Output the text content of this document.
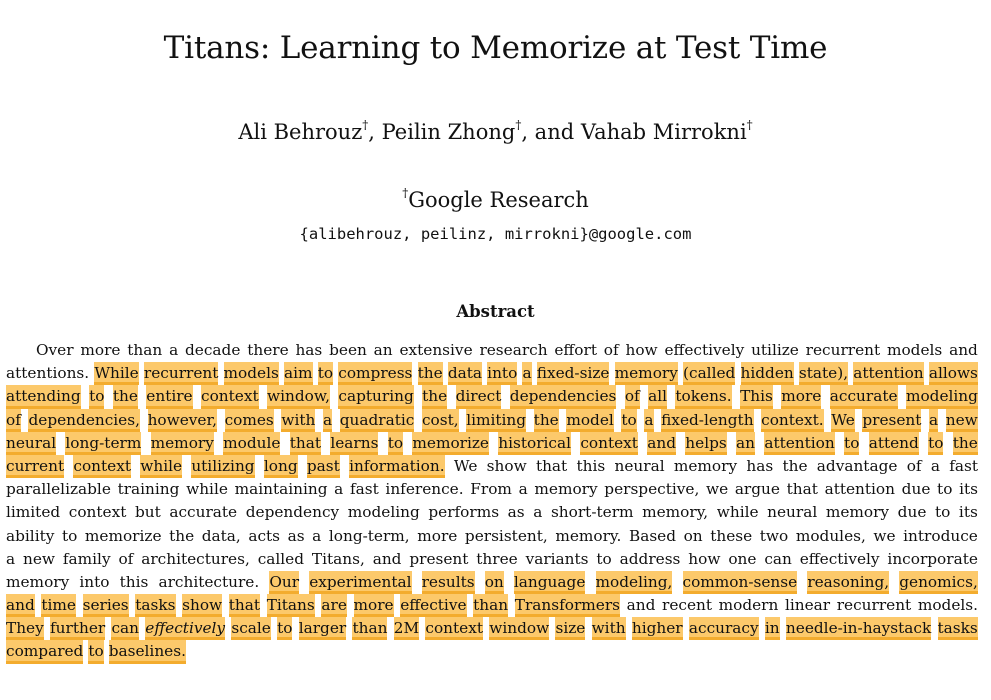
Titans: Learning to Memorize at Test Time
Ali Behrouz†, Peilin Zhong†, and Vahab Mirrokni†
†Google Research
{alibehrouz, peilinz, mirrokni}@google.com
Abstract
Over more than a decade there has been an extensive research effort of how effectively utilize recurrent models and
attentions. While recurrent models aim to compress the data into a fixed-size memory (called hidden state), attention allows
attending to the entire context window, capturing the direct dependencies of all tokens. This more accurate modeling
of dependencies, however, comes with a quadratic cost, limiting the model to a fixed-length context. We present a new
neural long-term memory module that learns to memorize historical context and helps an attention to attend to the
current context while utilizing long past information. We show that this neural memory has the advantage of a fast
parallelizable training while maintaining a fast inference. From a memory perspective, we argue that attention due to its
limited context but accurate dependency modeling performs as a short-term memory, while neural memory due to its
ability to memorize the data, acts as a long-term, more persistent, memory. Based on these two modules, we introduce
a new family of architectures, called Titans, and present three variants to address how one can effectively incorporate
memory into this architecture. Our experimental results on language modeling, common-sense reasoning, genomics,
and time series tasks show that Titans are more effective than Transformers and recent modern linear recurrent models.
They further can effectively scale to larger than 2M context window size with higher accuracy in needle-in-haystack tasks
compared to baselines.
